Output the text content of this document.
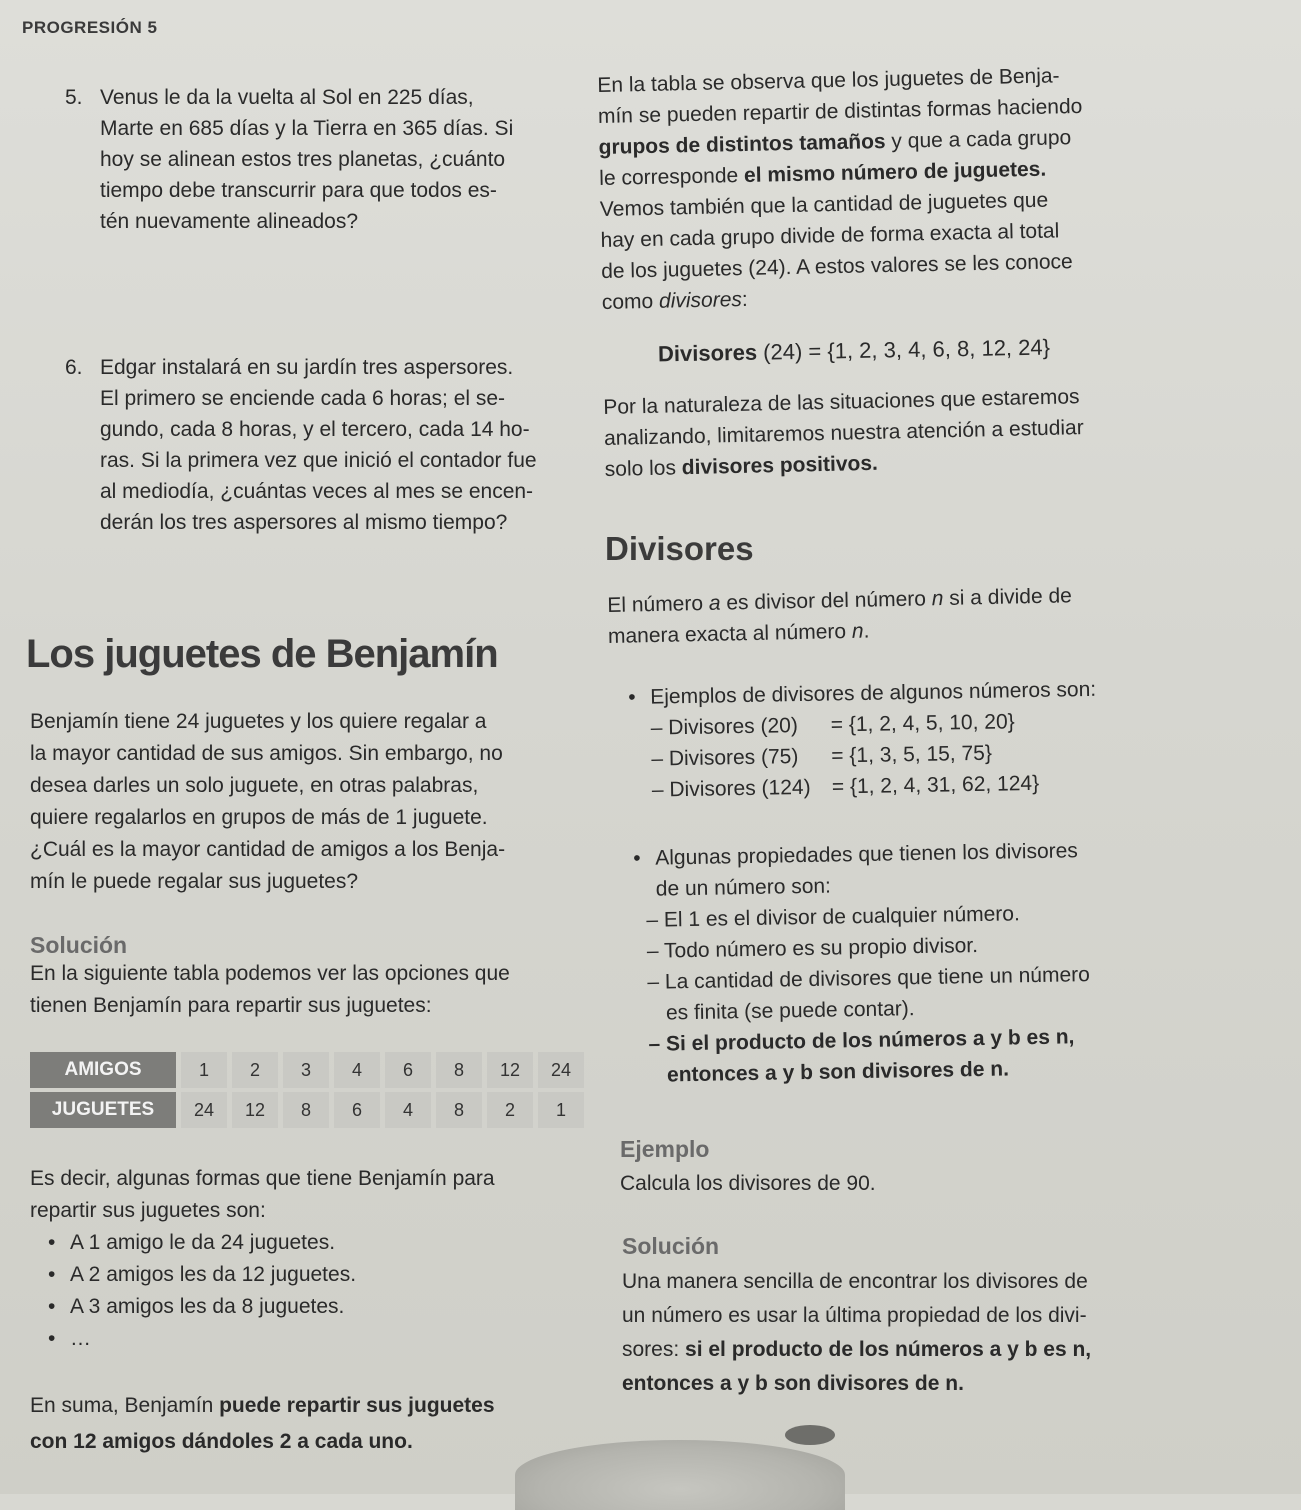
PROGRESIÓN 5
5. Venus le da la vuelta al Sol en 225 días,
Marte en 685 días y la Tierra en 365 días. Si
hoy se alinean estos tres planetas, ¿cuánto
tiempo debe transcurrir para que todos es-
tén nuevamente alineados?
6. Edgar instalará en su jardín tres aspersores.
El primero se enciende cada 6 horas; el se-
gundo, cada 8 horas, y el tercero, cada 14 ho-
ras. Si la primera vez que inició el contador fue
al mediodía, ¿cuántas veces al mes se encen-
derán los tres aspersores al mismo tiempo?
En la tabla se observa que los juguetes de Benja-
mín se pueden repartir de distintas formas haciendo
grupos de distintos tamaños y que a cada grupo
le corresponde el mismo número de juguetes.
Vemos también que la cantidad de juguetes que
hay en cada grupo divide de forma exacta al total
de los juguetes (24). A estos valores se les conoce
como divisores:
Divisores (24) = {1, 2, 3, 4, 6, 8, 12, 24}
Por la naturaleza de las situaciones que estaremos
analizando, limitaremos nuestra atención a estudiar
solo los divisores positivos.
Divisores
El número a es divisor del número n si a divide de
manera exacta al número n.
• Ejemplos de divisores de algunos números son:
– Divisores (20)	= {1, 2, 4, 5, 10, 20}
– Divisores (75)	= {1, 3, 5, 15, 75}
– Divisores (124) = {1, 2, 4, 31, 62, 124}
• Algunas propiedades que tienen los divisores
de un número son:
– El 1 es el divisor de cualquier número.
– Todo número es su propio divisor.
– La cantidad de divisores que tiene un número
es finita (se puede contar).
– Si el producto de los números a y b es n,
entonces a y b son divisores de n.
Ejemplo
Calcula los divisores de 90.
Solución
Una manera sencilla de encontrar los divisores de
un número es usar la última propiedad de los divi-
sores: si el producto de los números a y b es n,
entonces a y b son divisores de n.
Los juguetes de Benjamín
Benjamín tiene 24 juguetes y los quiere regalar a
la mayor cantidad de sus amigos. Sin embargo, no
desea darles un solo juguete, en otras palabras,
quiere regalarlos en grupos de más de 1 juguete.
¿Cuál es la mayor cantidad de amigos a los Benja-
mín le puede regalar sus juguetes?
Solución
En la siguiente tabla podemos ver las opciones que
tienen Benjamín para repartir sus juguetes:
AMIGOS	1	2	3	4	6	8	12	24
JUGUETES	24	12	8	6	4	8	2	1
Es decir, algunas formas que tiene Benjamín para
repartir sus juguetes son:
• A 1 amigo le da 24 juguetes.
• A 2 amigos les da 12 juguetes.
• A 3 amigos les da 8 juguetes.
• …
En suma, Benjamín puede repartir sus juguetes
con 12 amigos dándoles 2 a cada uno.
